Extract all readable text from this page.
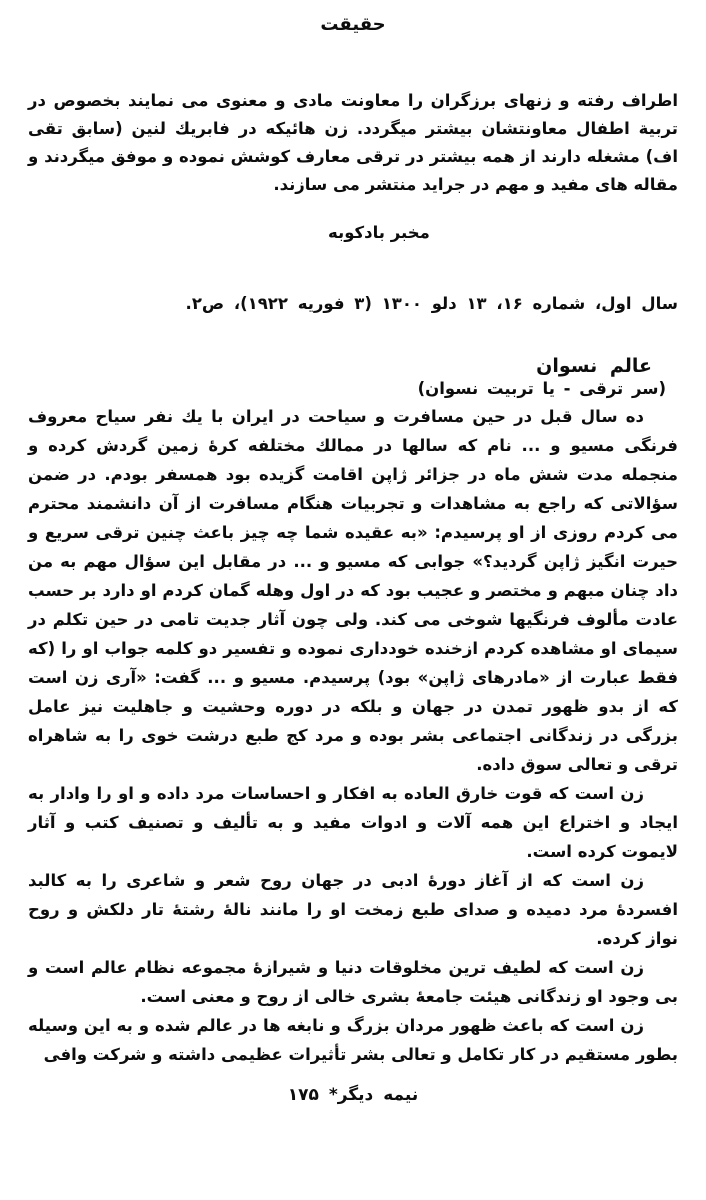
حقيقت
اطراف رفته و زنهای برزگران را معاونت مادی و معنوی می نمایند بخصوص در تربیة اطفال معاونتشان بیشتر میگردد. زن هائیکه در فابریك لنین (سابق تقی اف) مشغله دارند از همه بیشتر در ترقی معارف کوشش نموده و موفق میگردند و مقاله های مفید و مهم در جراید منتشر می سازند.
مخبر بادكوبه
سال اول، شماره ۱۶، ۱۳ دلو ۱۳۰۰ (۳ فوریه ۱۹۲۲)، ص۲.
عالم نسوان
(سر ترقی - یا تربیت نسوان)

ده سال قبل در حین مسافرت و سیاحت در ایران با یك نفر سیاح معروف فرنگی مسیو و ... نام که سالها در ممالك مختلفه کرهٔ زمین گردش کرده و منجمله مدت شش ماه در جزائر ژاپن اقامت گزیده بود همسفر بودم. در ضمن سؤالاتی که راجع به مشاهدات و تجربیات هنگام مسافرت از آن دانشمند محترم می کردم روزی از او پرسیدم: «به عقیده شما چه چیز باعث چنین ترقی سریع و حیرت انگیز ژاپن گردید؟» جوابی که مسیو و ... در مقابل این سؤال مهم به من داد چنان مبهم و مختصر و عجیب بود که در اول وهله گمان کردم او دارد بر حسب عادت مألوف فرنگیها شوخی می کند. ولی چون آثار جدیت تامی در حین تکلم در سیمای او مشاهده کردم ازخنده خودداری نموده و تفسیر دو کلمه جواب او را (که فقط عبارت از «مادرهای ژاپن» بود) پرسیدم. مسیو و ... گفت: «آری زن است که از بدو ظهور تمدن در جهان و بلکه در دوره وحشیت و جاهلیت نیز عامل بزرگی در زندگانی اجتماعی بشر بوده و مرد کج طبع درشت خوی را به شاهراه ترقی و تعالی سوق داده.

زن است که قوت خارق العاده به افکار و احساسات مرد داده و او را وادار به ایجاد و اختراع این همه آلات و ادوات مفید و به تألیف و تصنیف کتب و آثار لایموت کرده است.

زن است که از آغاز دورهٔ ادبی در جهان روح شعر و شاعری را به کالبد افسردهٔ مرد دمیده و صدای طبع زمخت او را مانند نالهٔ رشتهٔ تار دلکش و روح نواز کرده.

زن است که لطیف ترین مخلوقات دنیا و شیرازهٔ مجموعه نظام عالم است و بی وجود او زندگانی هیئت جامعهٔ بشری خالی از روح و معنی است.

زن است که باعث ظهور مردان بزرگ و نابغه ها در عالم شده و به این وسیله بطور مستقیم در کار تکامل و تعالی بشر تأثیرات عظیمی داشته و شرکت وافی

نیمه دیگر* ۱۷۵
